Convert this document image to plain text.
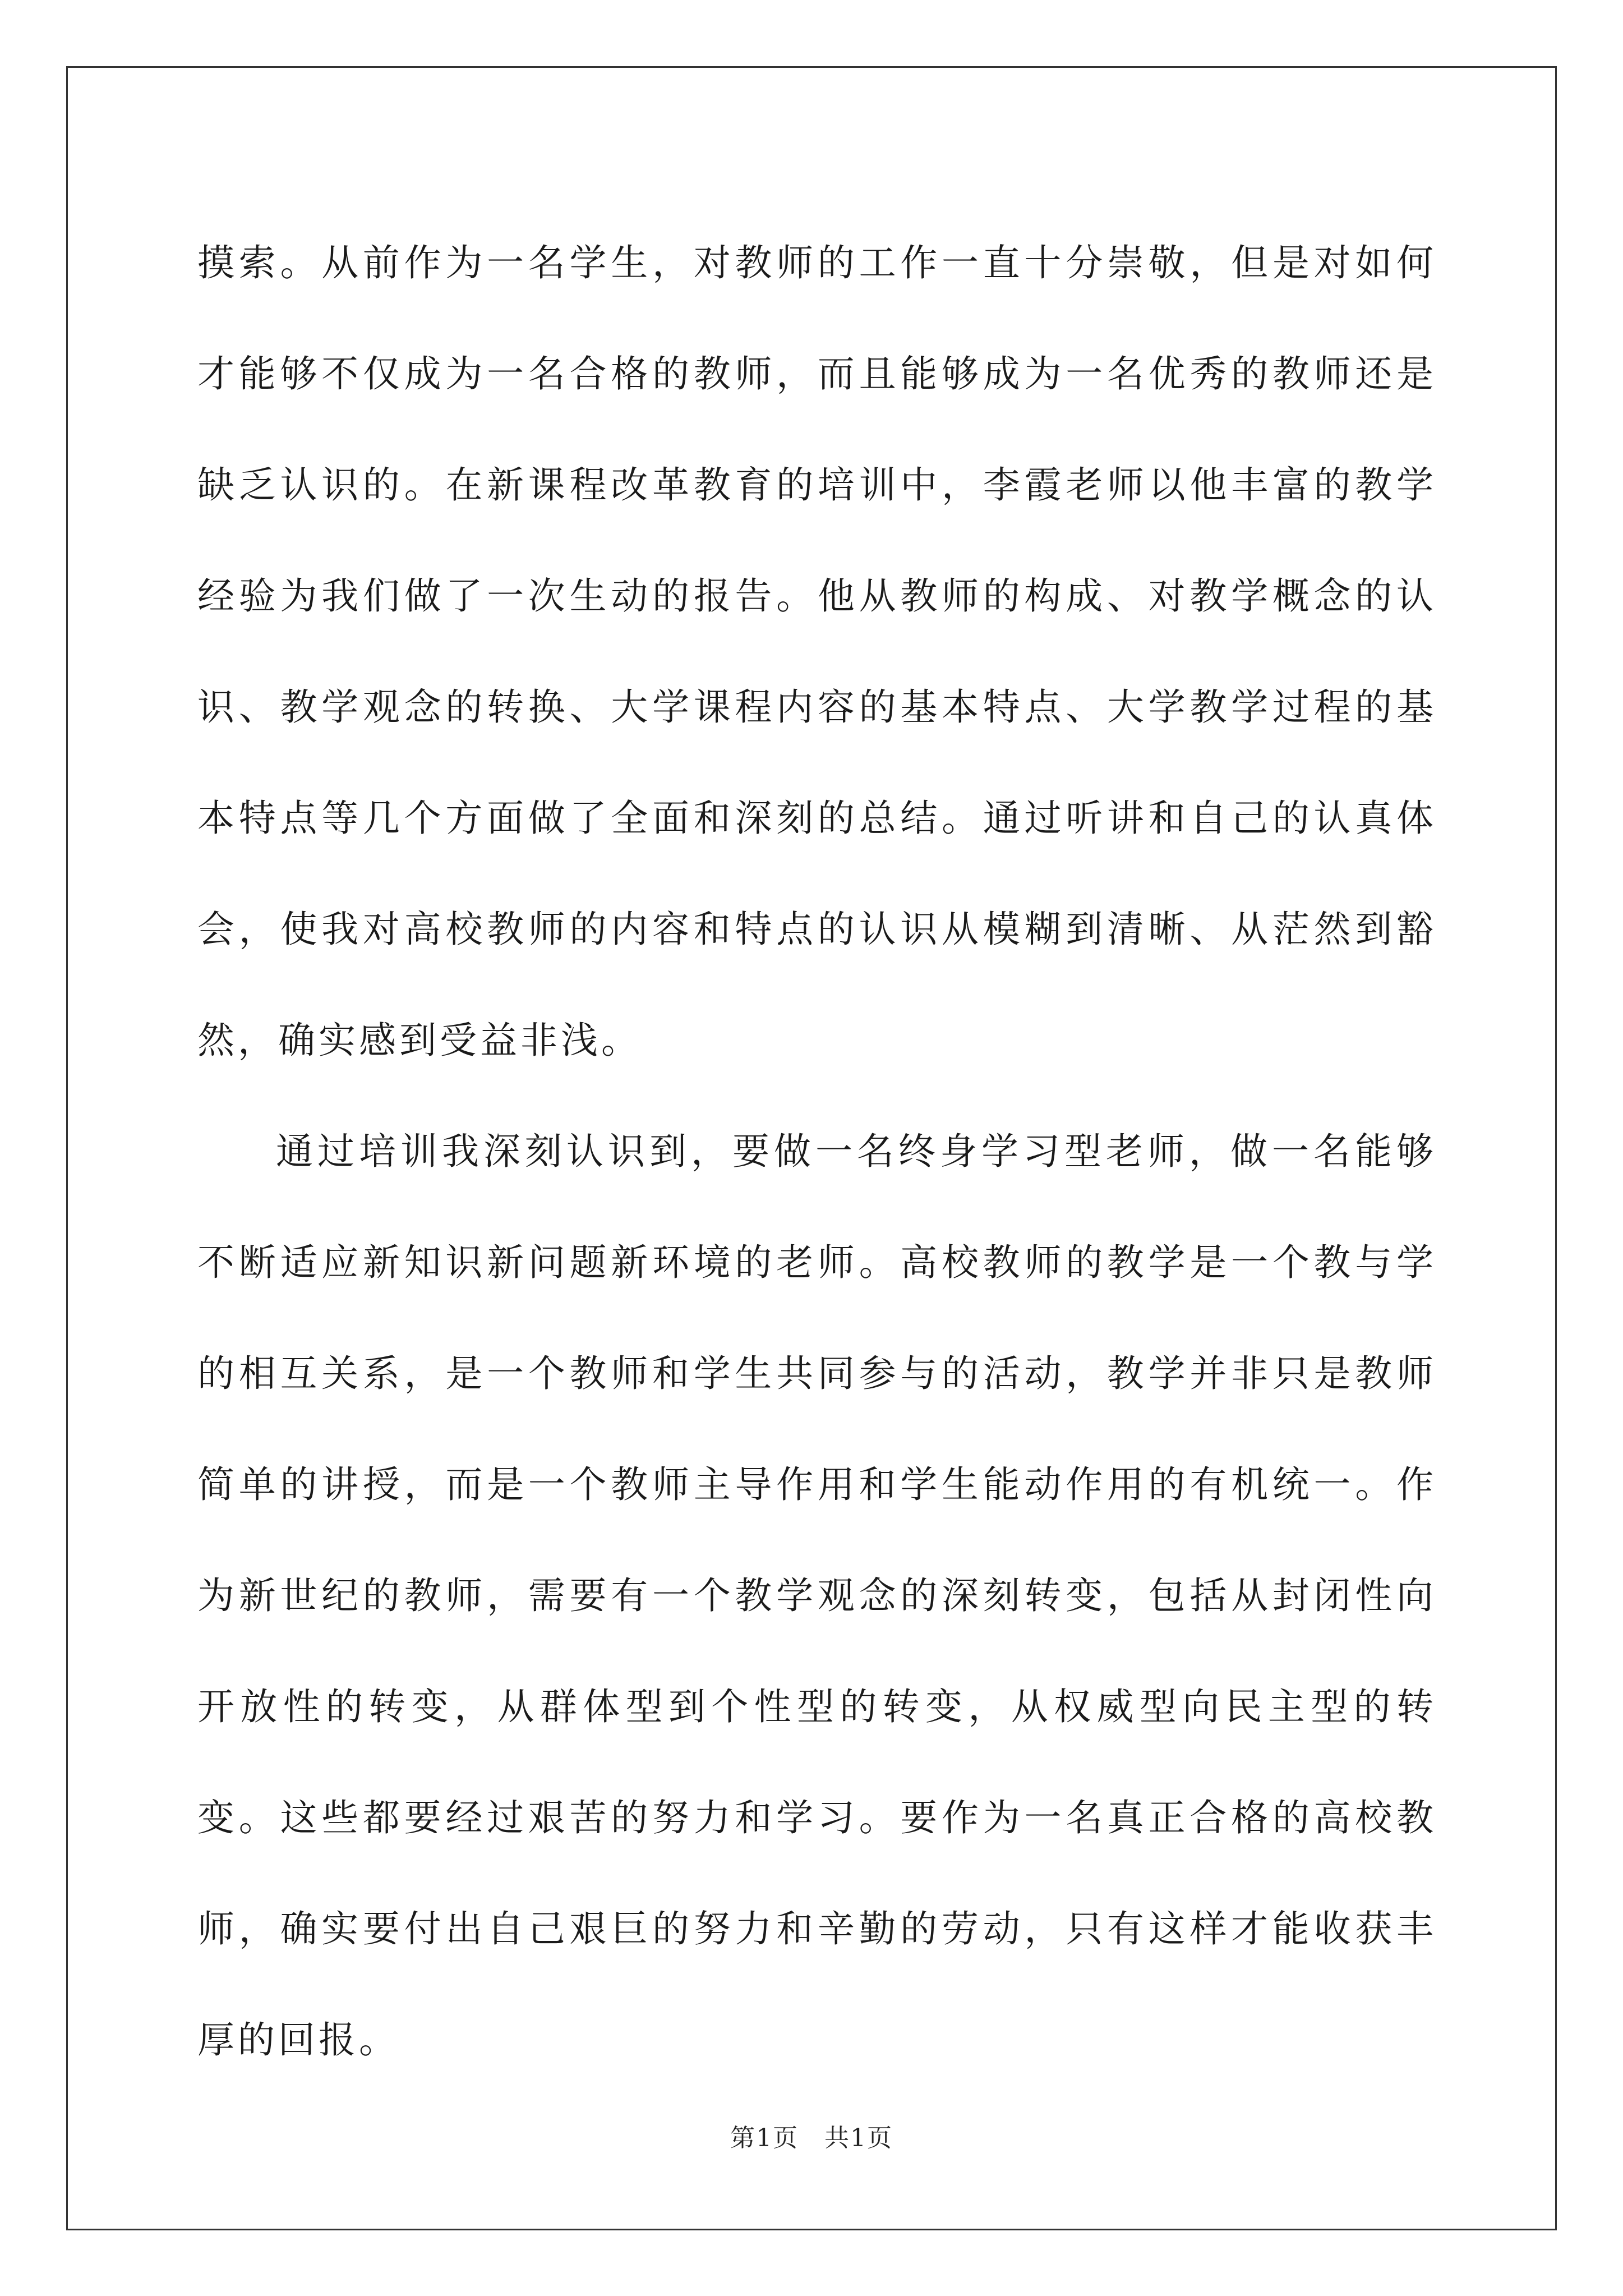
摸索。从前作为一名学生，对教师的工作一直十分崇敬，但是对如何才能够不仅成为一名合格的教师，而且能够成为一名优秀的教师还是缺乏认识的。在新课程改革教育的培训中，李霞老师以他丰富的教学经验为我们做了一次生动的报告。他从教师的构成、对教学概念的认识、教学观念的转换、大学课程内容的基本特点、大学教学过程的基本特点等几个方面做了全面和深刻的总结。通过听讲和自己的认真体会，使我对高校教师的内容和特点的认识从模糊到清晰、从茫然到豁然，确实感到受益非浅。

通过培训我深刻认识到，要做一名终身学习型老师，做一名能够不断适应新知识新问题新环境的老师。高校教师的教学是一个教与学的相互关系，是一个教师和学生共同参与的活动，教学并非只是教师简单的讲授，而是一个教师主导作用和学生能动作用的有机统一。作为新世纪的教师，需要有一个教学观念的深刻转变，包括从封闭性向开放性的转变，从群体型到个性型的转变，从权威型向民主型的转变。这些都要经过艰苦的努力和学习。要作为一名真正合格的高校教师，确实要付出自己艰巨的努力和辛勤的劳动，只有这样才能收获丰厚的回报。

第1页　共1页
